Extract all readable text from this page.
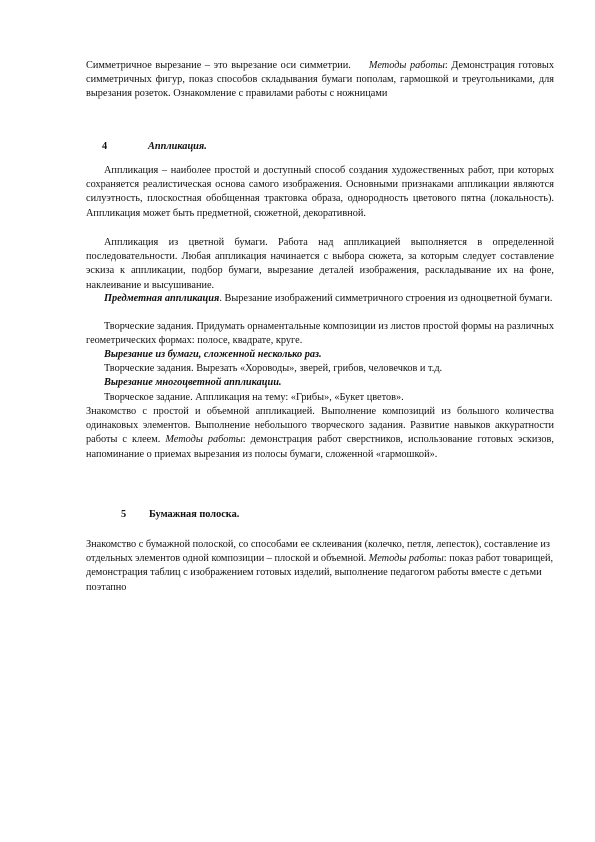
Симметричное вырезание – это вырезание оси симметрии. Методы работы: Демонстрация готовых симметричных фигур, показ способов складывания бумаги пополам, гармошкой и треугольниками, для вырезания розеток. Ознакомление с правилами работы с ножницами
4	Аппликация.
Аппликация – наиболее простой и доступный способ создания художественных работ, при которых сохраняется реалистическая основа самого изображения. Основными признаками аппликации являются силуэтность, плоскостная обобщенная трактовка образа, однородность цветового пятна (локальность). Аппликация может быть предметной, сюжетной, декоративной.
Аппликация из цветной бумаги. Работа над аппликацией выполняется в определенной последовательности. Любая аппликация начинается с выбора сюжета, за которым следует составление эскиза к аппликации, подбор бумаги, вырезание деталей изображения, раскладывание их на фоне, наклеивание и высушивание.
Предметная аппликация. Вырезание изображений симметричного строения из одноцветной бумаги.
Творческие задания. Придумать орнаментальные композиции из листов простой формы на различных геометрических формах: полосе, квадрате, круге.
Вырезание из бумаги, сложенной несколько раз.
Творческие задания. Вырезать «Хороводы», зверей, грибов, человечков и т.д.
Вырезание многоцветной аппликации.
Творческое задание. Аппликация на тему: «Грибы», «Букет цветов».
Знакомство с простой и объемной аппликацией. Выполнение композиций из большого количества одинаковых элементов. Выполнение небольшого творческого задания. Развитие навыков аккуратности работы с клеем. Методы работы: демонстрация работ сверстников, использование готовых эскизов, напоминание о приемах вырезания из полосы бумаги, сложенной «гармошкой».
5 Бумажная полоска.
Знакомство с бумажной полоской, со способами ее склеивания (колечко, петля, лепесток), составление из отдельных элементов одной композиции – плоской и объемной. Методы работы: показ работ товарищей, демонстрация таблиц с изображением готовых изделий, выполнение педагогом работы вместе с детьми поэтапно
